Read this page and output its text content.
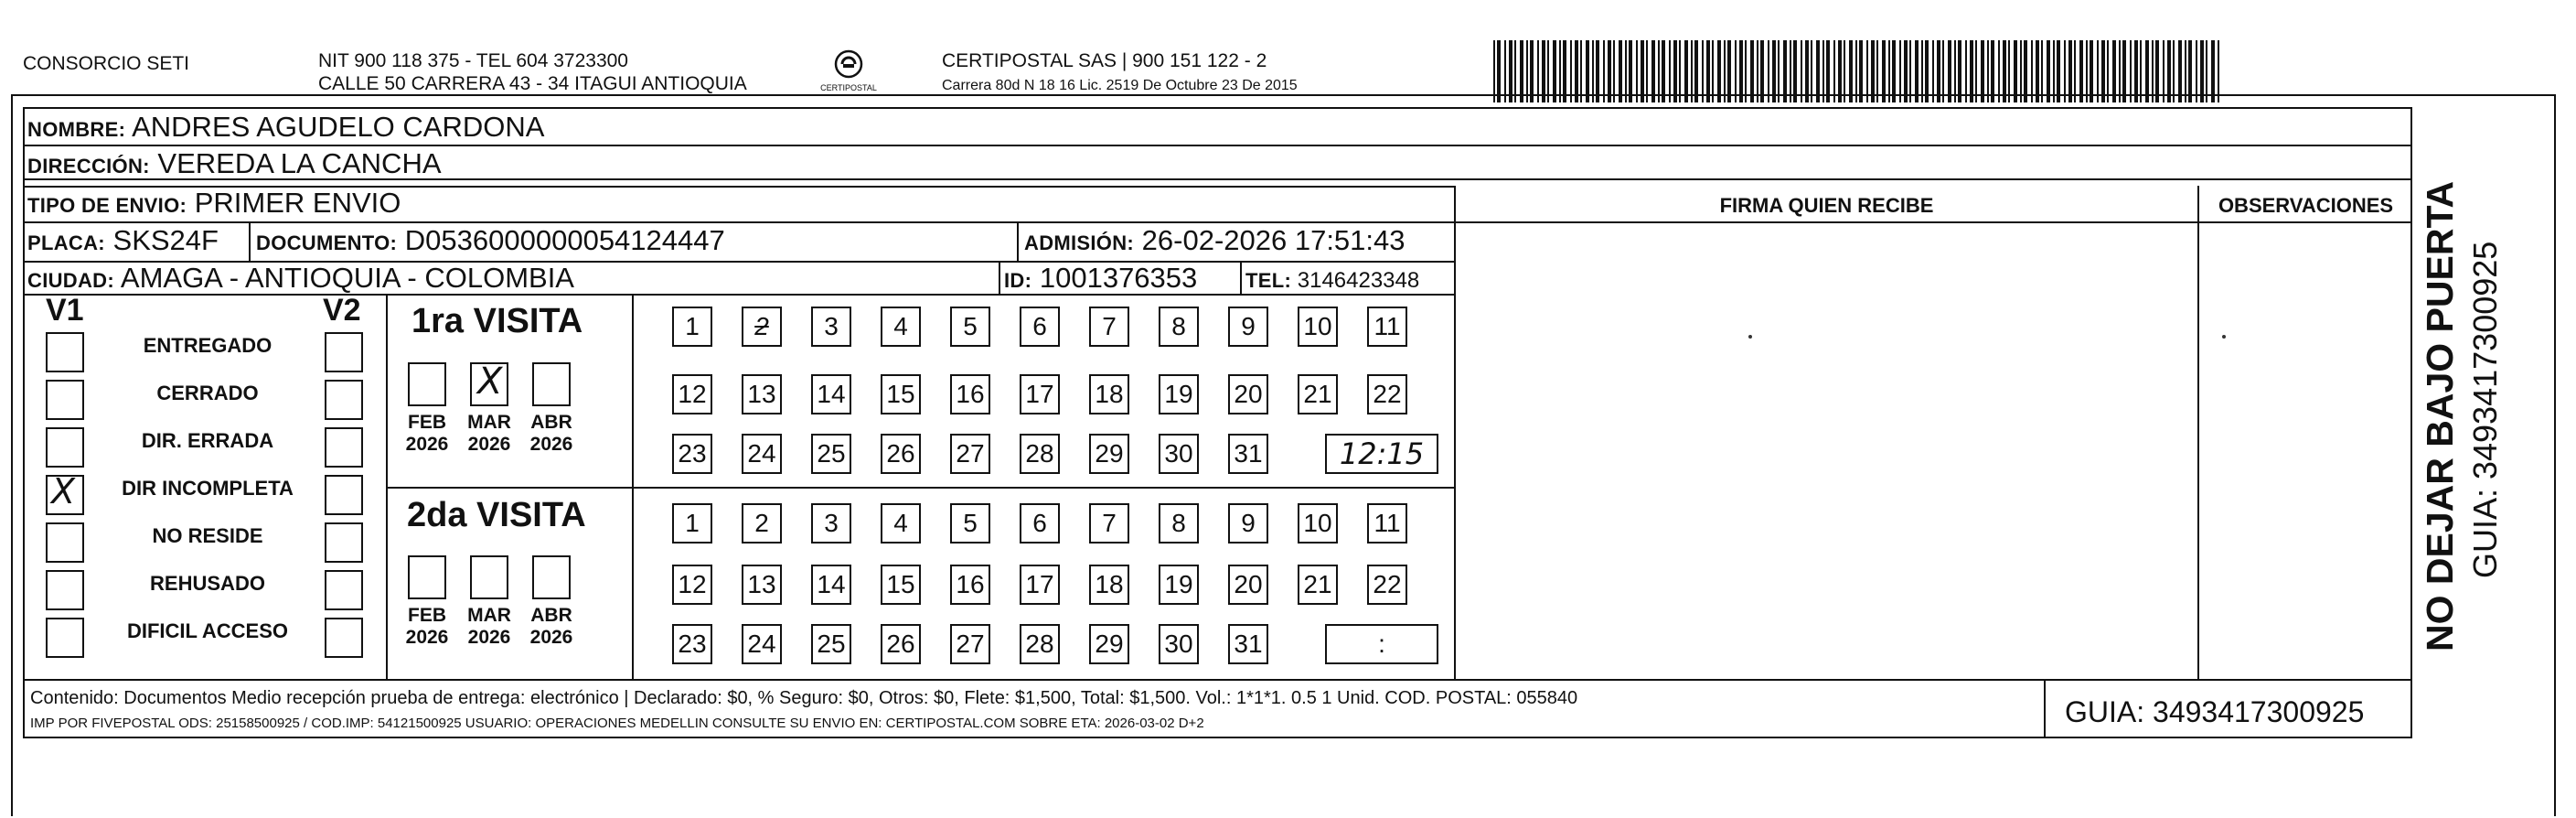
CONSORCIO SETI	NIT 900 118 375 - TEL 604 3723300
CALLE 50 CARRERA 43 - 34 ITAGUI ANTIOQUIA	CERTIPOSTAL
CERTIPOSTAL SAS | 900 151 122 - 2
Carrera 80d N 18 16 Lic. 2519 De Octubre 23 De 2015
NOMBRE: ANDRES AGUDELO CARDONA
DIRECCIÓN: VEREDA LA CANCHA
TIPO DE ENVIO: PRIMER ENVIO
PLACA: SKS24F DOCUMENTO: D0536000000054124447	ADMISIÓN: 26-02-2026 17:51:43
CIUDAD: AMAGA - ANTIOQUIA - COLOMBIA	ID: 1001376353 TEL: 3146423348
FIRMA QUIEN RECIBE	OBSERVACIONES
V1	V2 1ra VISITA
2da VISITA
Contenido: Documentos Medio recepción prueba de entrega: electrónico | Declarado: $0, % Seguro: $0, Otros: $0, Flete: $1,500, Total: $1,500. Vol.: 1*1*1. 0.5 1 Unid. COD. POSTAL: 055840
IMP POR FIVEPOSTAL ODS: 25158500925 / COD.IMP: 54121500925 USUARIO: OPERACIONES MEDELLIN CONSULTE SU ENVIO EN: CERTIPOSTAL.COM SOBRE ETA: 2026-03-02 D+2	GUIA: 3493417300925
NO DEJAR BAJO PUERTA GUIA: 3493417300925
ENTREGADO
CERRADO
DIR. ERRADA
X	DIR INCOMPLETA
NO RESIDE
REHUSADO
DIFICIL ACCESO
FEB
2026
X
MAR
2026
ABR
2026
FEB
2026
MAR
2026
ABR
2026
1	2	3	4	5	6	7	8	9	10 11
12 13 14 15 16 17 18 19 20 21 22
23 24 25 26 27 28 29 30 31	12:15
1	2	3	4	5	6	7	8	9	10 11
12 13 14 15 16 17 18 19 20 21 22
23 24 25 26 27 28 29 30 31	:
